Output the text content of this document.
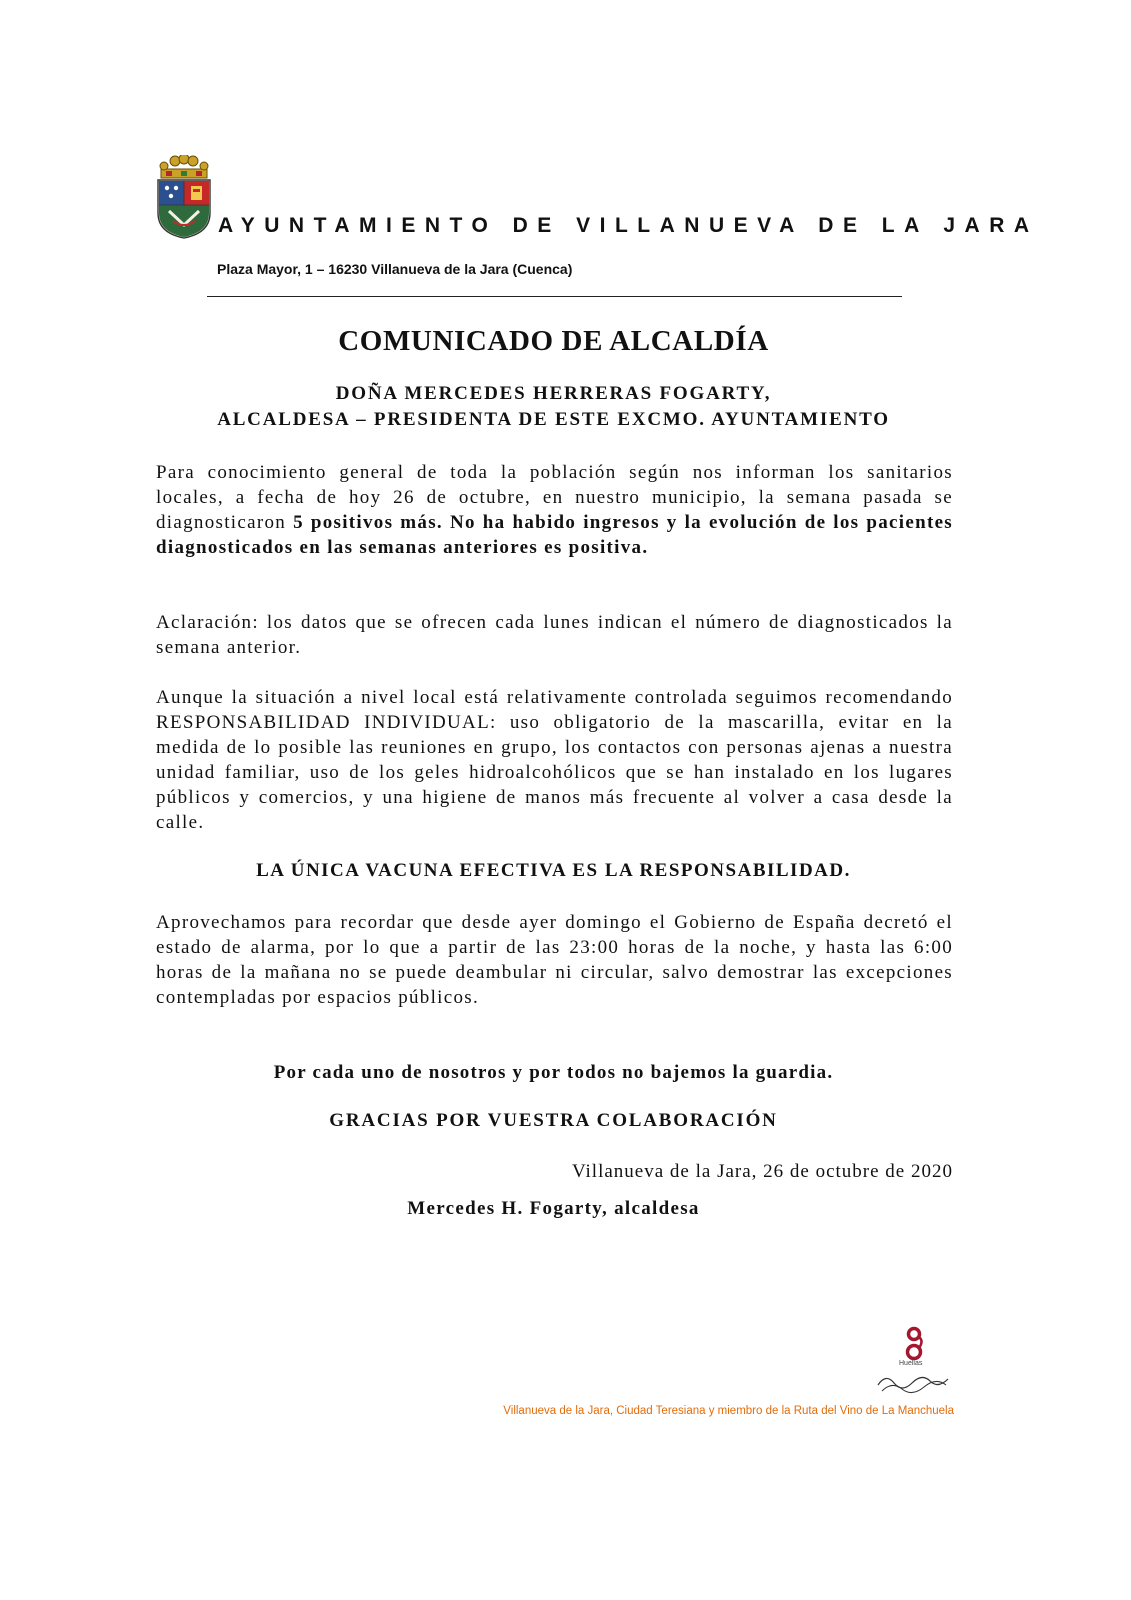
AYUNTAMIENTO DE VILLANUEVA DE LA JARA
Plaza Mayor, 1 – 16230 Villanueva de la Jara (Cuenca)
COMUNICADO DE ALCALDÍA
DOÑA MERCEDES HERRERAS FOGARTY,
ALCALDESA – PRESIDENTA DE ESTE EXCMO. AYUNTAMIENTO

Para conocimiento general de toda la población según nos informan los sanitarios locales, a fecha de hoy 26 de octubre, en nuestro municipio, la semana pasada se diagnosticaron 5 positivos más. No ha habido ingresos y la evolución de los pacientes diagnosticados en las semanas anteriores es positiva.

Aclaración: los datos que se ofrecen cada lunes indican el número de diagnosticados la semana anterior.

Aunque la situación a nivel local está relativamente controlada seguimos recomendando RESPONSABILIDAD INDIVIDUAL: uso obligatorio de la mascarilla, evitar en la medida de lo posible las reuniones en grupo, los contactos con personas ajenas a nuestra unidad familiar, uso de los geles hidroalcohólicos que se han instalado en los lugares públicos y comercios, y una higiene de manos más frecuente al volver a casa desde la calle.

LA ÚNICA VACUNA EFECTIVA ES LA RESPONSABILIDAD.

Aprovechamos para recordar que desde ayer domingo el Gobierno de España decretó el estado de alarma, por lo que a partir de las 23:00 horas de la noche, y hasta las 6:00 horas de la mañana no se puede deambular ni circular, salvo demostrar las excepciones contempladas por espacios públicos.

Por cada uno de nosotros y por todos no bajemos la guardia.
GRACIAS POR VUESTRA COLABORACIÓN
Villanueva de la Jara, 26 de octubre de 2020
Mercedes H. Fogarty, alcaldesa
Huellas
Villanueva de la Jara, Ciudad Teresiana y miembro de la Ruta del Vino de La Manchuela
